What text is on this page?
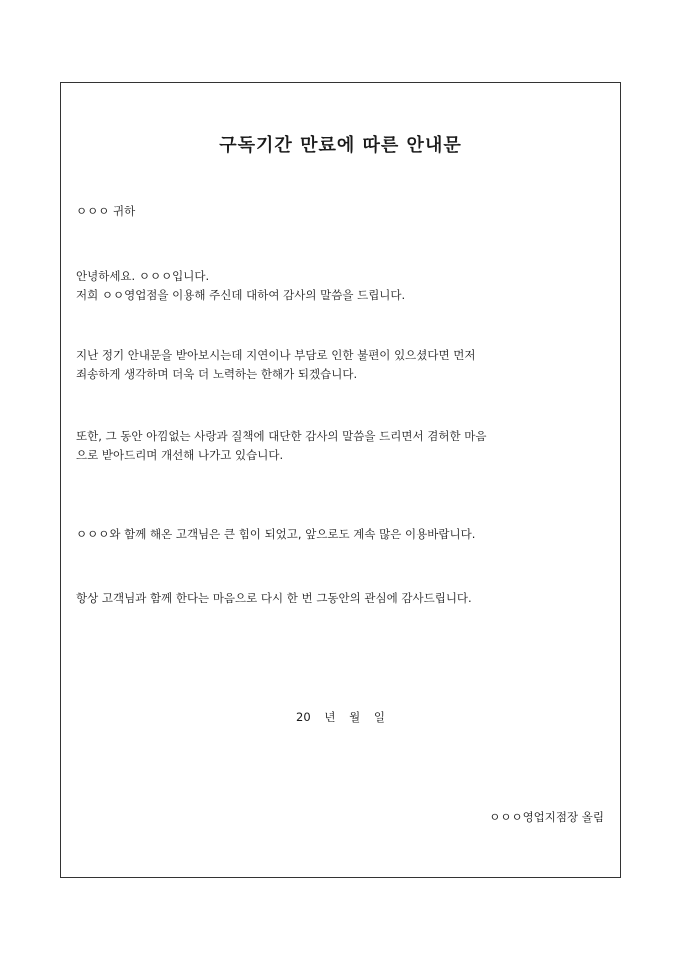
구독기간 만료에 따른 안내문
ㅇㅇㅇ 귀하
안녕하세요. ㅇㅇㅇ입니다.
저희 ㅇㅇ영업점을 이용해 주신데 대하여 감사의 말씀을 드립니다.
지난 정기 안내문을 받아보시는데 지연이나 부담로 인한 불편이 있으셨다면 먼저
죄송하게 생각하며 더욱 더 노력하는 한해가 되겠습니다.
또한, 그 동안 아낌없는 사랑과 질책에 대단한 감사의 말씀을 드리면서 겸허한 마음
으로 받아드리며 개선해 나가고 있습니다.
ㅇㅇㅇ와 함께 해온 고객님은 큰 힘이 되었고, 앞으로도 계속 많은 이용바랍니다.
항상 고객님과 함께 한다는 마음으로 다시 한 번 그동안의 관심에 감사드립니다.
20 년 월 일
ㅇㅇㅇ영업지점장 올림
